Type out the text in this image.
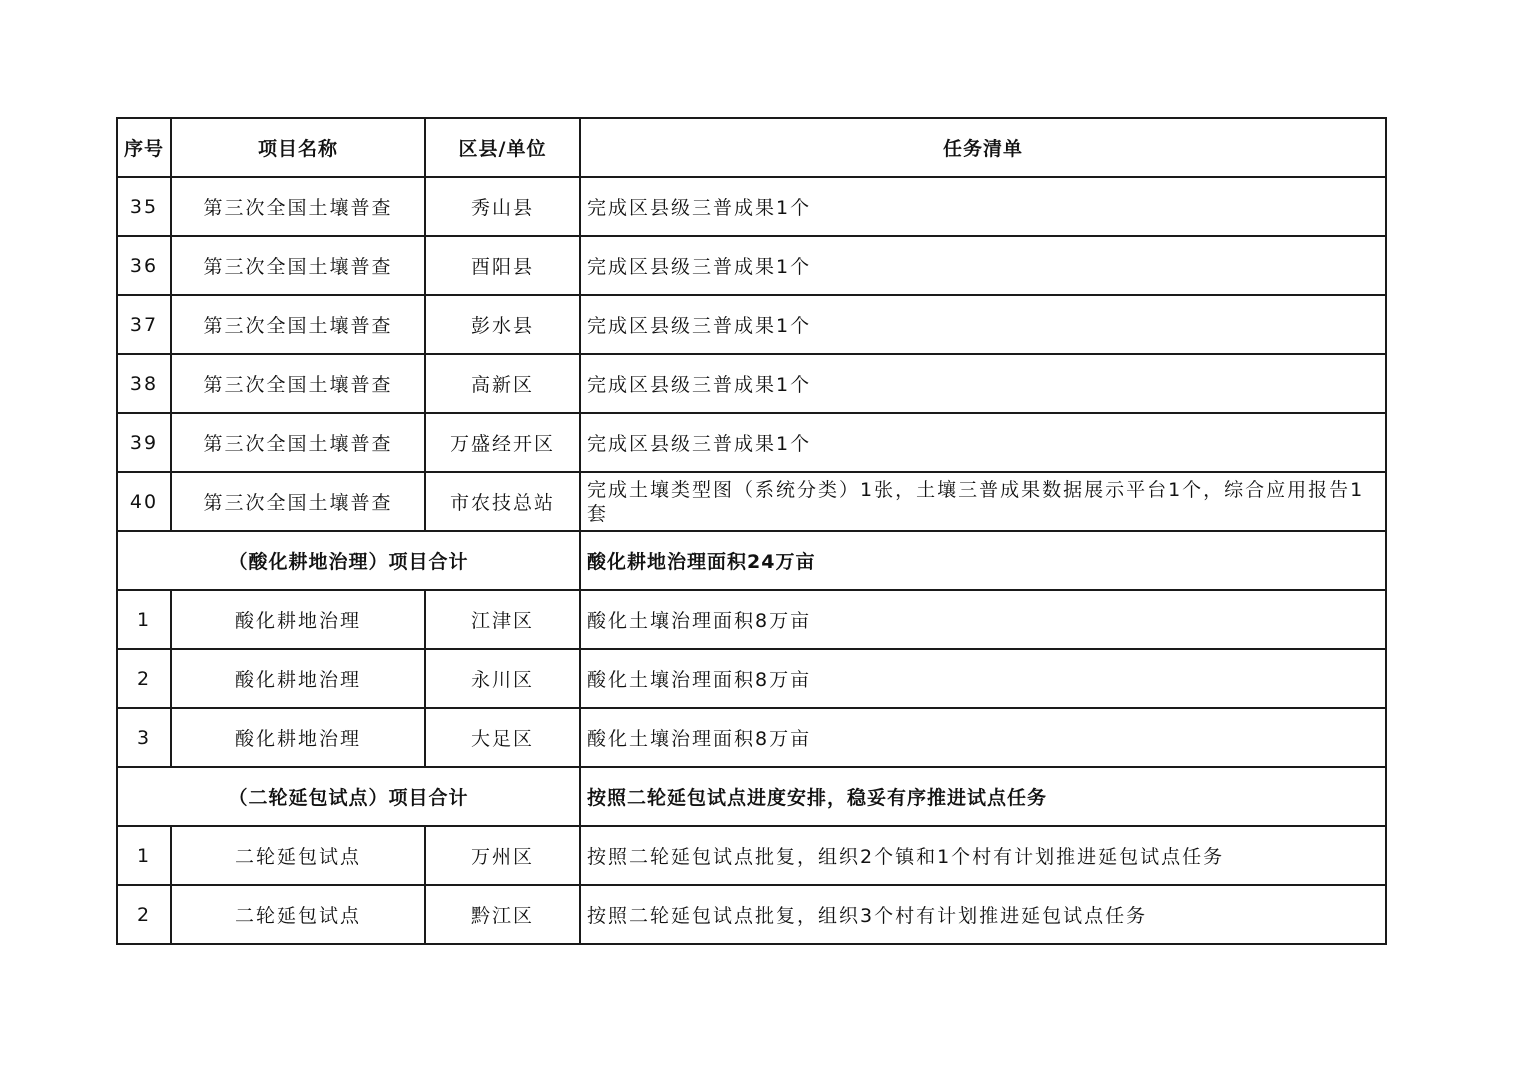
序号	项目名称	区县/单位	任务清单
35	第三次全国土壤普查	秀山县	完成区县级三普成果1个
36	第三次全国土壤普查	酉阳县	完成区县级三普成果1个
37	第三次全国土壤普查	彭水县	完成区县级三普成果1个
38	第三次全国土壤普查	高新区	完成区县级三普成果1个
39	第三次全国土壤普查	万盛经开区	完成区县级三普成果1个
40	第三次全国土壤普查	市农技总站	完成土壤类型图（系统分类）1张，土壤三普成果数据展示平台1个，综合应用报告1套

（酸化耕地治理）项目合计			酸化耕地治理面积24万亩
1	酸化耕地治理	江津区	酸化土壤治理面积8万亩
2	酸化耕地治理	永川区	酸化土壤治理面积8万亩
3	酸化耕地治理	大足区	酸化土壤治理面积8万亩
（二轮延包试点）项目合计			按照二轮延包试点进度安排，稳妥有序推进试点任务
1	二轮延包试点	万州区	按照二轮延包试点批复，组织2个镇和1个村有计划推进延包试点任务
2	二轮延包试点	黔江区	按照二轮延包试点批复，组织3个村有计划推进延包试点任务
